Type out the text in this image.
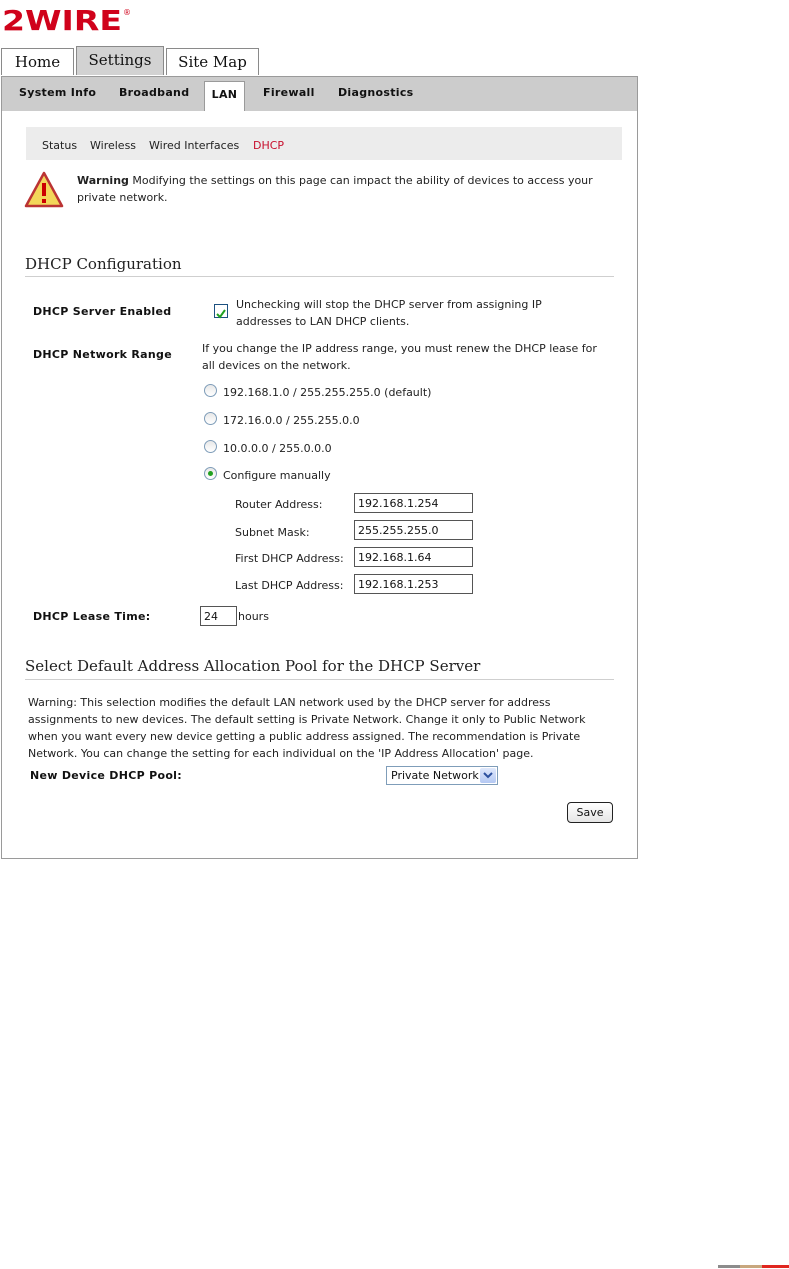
2WIRE ®
Home	Settings	Site Map
System Info Broadband	LAN	Firewall Diagnostics
Status Wireless Wired Interfaces DHCP
Warning Modifying the settings on this page can impact the ability of devices to access your
private network.
DHCP Configuration
DHCP Server Enabled
Unchecking will stop the DHCP server from assigning IP
addresses to LAN DHCP clients.
DHCP Network Range	If you change the IP address range, you must renew the DHCP lease for
all devices on the network.
192.168.1.0 / 255.255.255.0 (default)
172.16.0.0 / 255.255.0.0
10.0.0.0 / 255.0.0.0
Configure manually
Router Address:
192.168.1.254
Subnet Mask:
255.255.255.0
First DHCP Address:
192.168.1.64
Last DHCP Address:
192.168.1.253
DHCP Lease Time:
24	hours
Select Default Address Allocation Pool for the DHCP Server
Warning: This selection modifies the default LAN network used by the DHCP server for address
assignments to new devices. The default setting is Private Network. Change it only to Public Network
when you want every new device getting a public address assigned. The recommendation is Private
Network. You can change the setting for each individual on the 'IP Address Allocation' page.
New Device DHCP Pool:	Private Network
Save
